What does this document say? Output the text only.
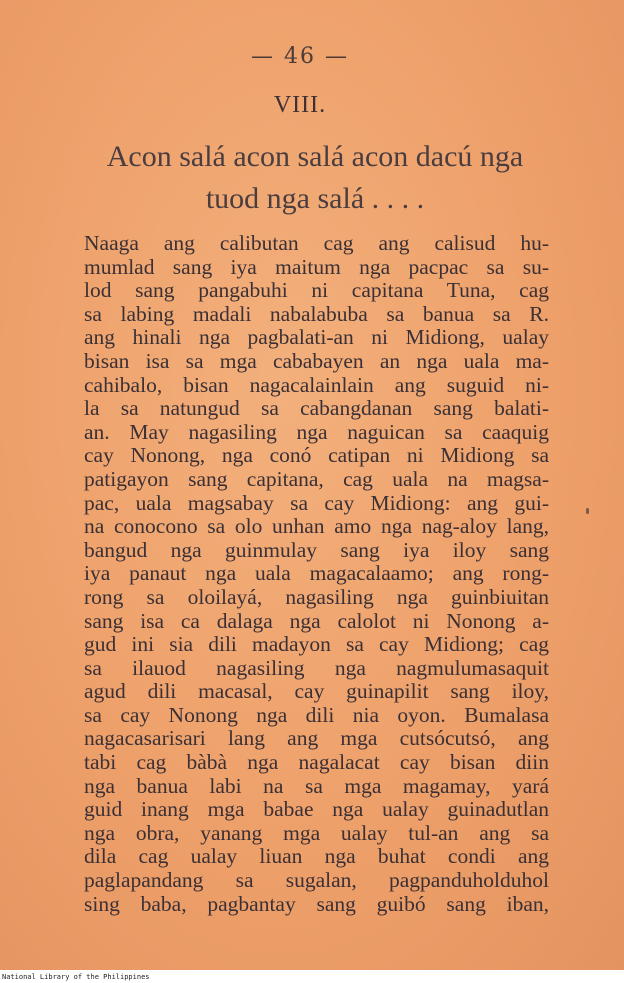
— 46 —
VIII.
Acon salá acon salá acon dacú nga
tuod nga salá . . . .
Naaga ang calibutan cag ang calisud hu-
mumlad sang iya maitum nga pacpac sa su-
lod sang pangabuhi ni capitana Tuna, cag
sa labing madali nabalabuba sa banua sa R.
ang hinali nga pagbalati-an ni Midiong, ualay
bisan isa sa mga cababayen an nga uala ma-
cahibalo, bisan nagacalainlain ang suguid ni-
la sa natungud sa cabangdanan sang balati-
an. May nagasiling nga naguican sa caaquig
cay Nonong, nga conó catipan ni Midiong sa
patigayon sang capitana, cag uala na magsa-
pac, uala magsabay sa cay Midiong: ang gui-
na conocono sa olo unhan amo nga nag-aloy lang,
bangud nga guinmulay sang iya iloy sang
iya panaut nga uala magacalaamo; ang rong-
rong sa oloilayá, nagasiling nga guinbiuitan
sang isa ca dalaga nga calolot ni Nonong a-
gud ini sia dili madayon sa cay Midiong; cag
sa ilauod nagasiling nga nagmulumasaquit
agud dili macasal, cay guinapilit sang iloy,
sa cay Nonong nga dili nia oyon. Bumalasa
nagacasarisari lang ang mga cutsócutsó, ang
tabi cag bàbà nga nagalacat cay bisan diin
nga banua labi na sa mga magamay, yará
guid inang mga babae nga ualay guinadutlan
nga obra, yanang mga ualay tul-an ang sa
dila cag ualay liuan nga buhat condi ang
paglapandang sa sugalan, pagpanduholduhol
sing baba, pagbantay sang guibó sang iban,
National Library of the Philippines
